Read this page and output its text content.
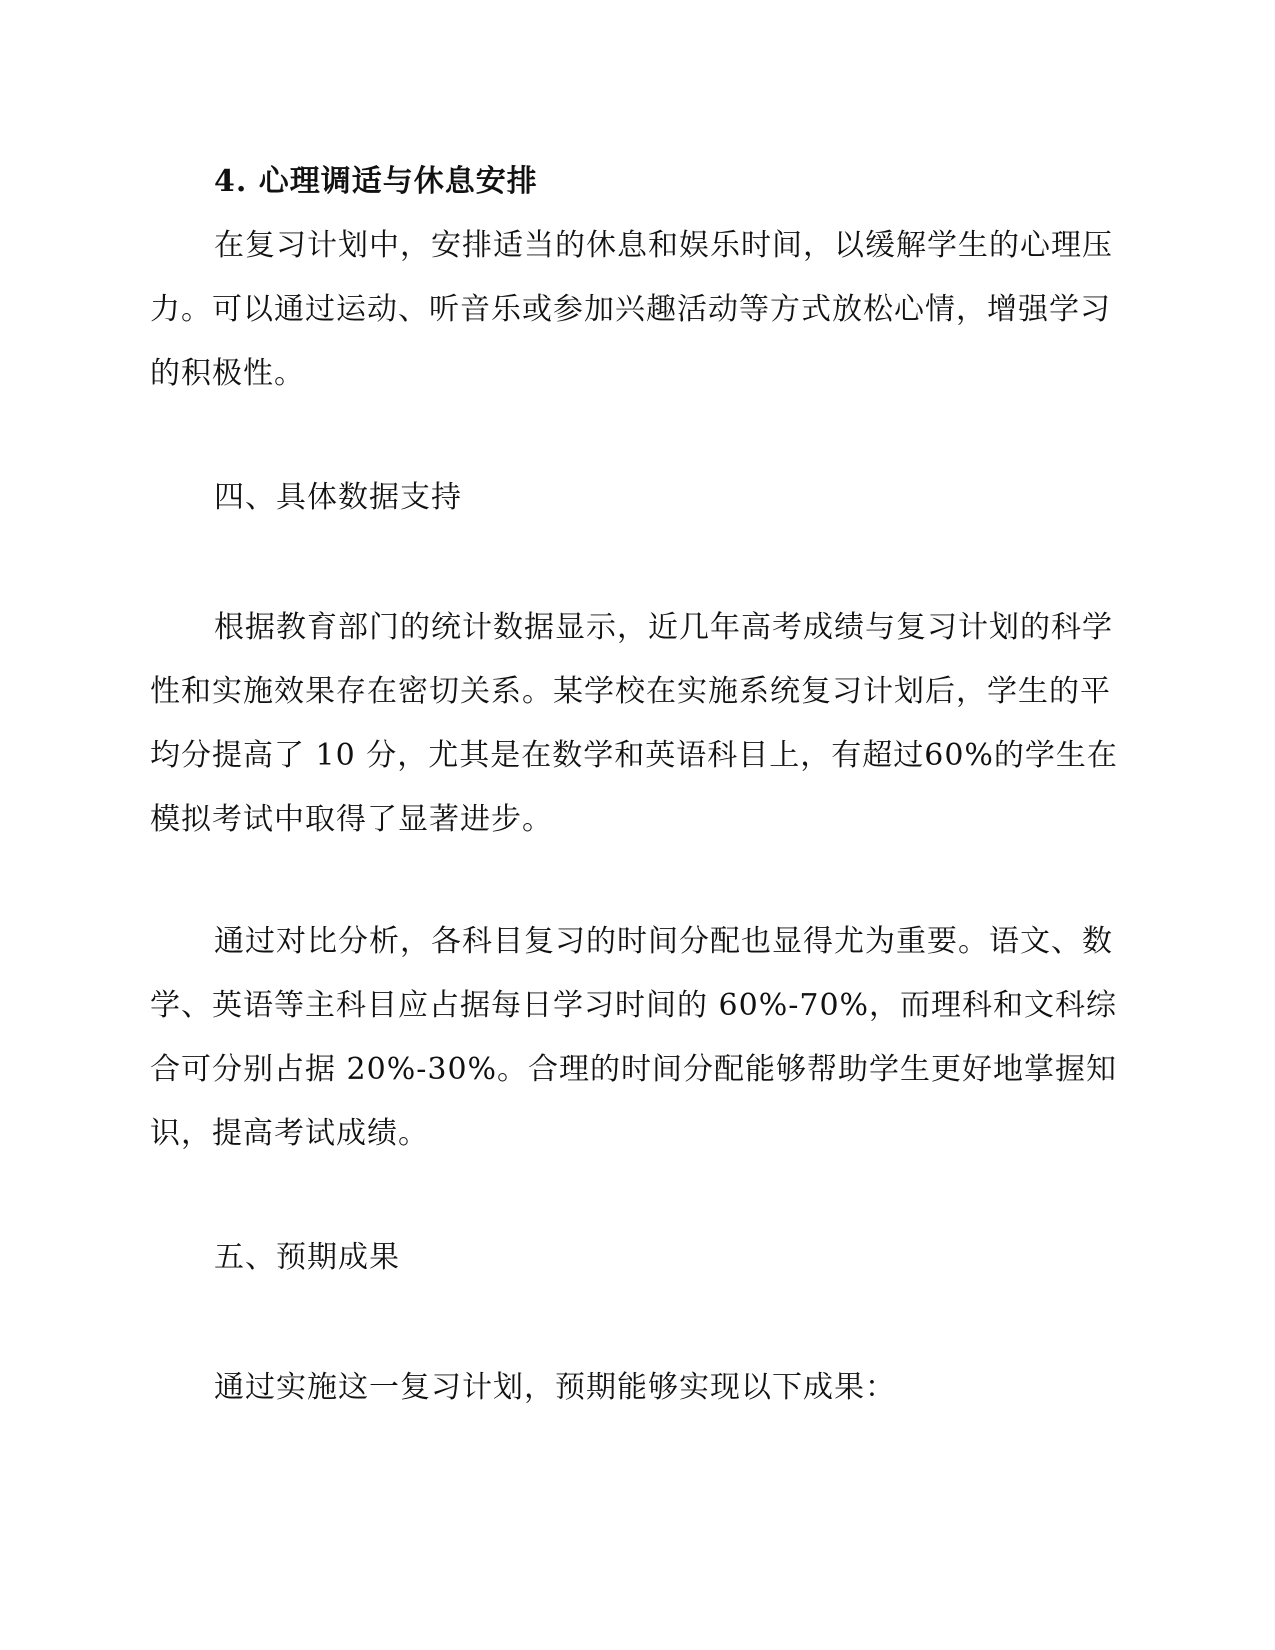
4. 心理调适与休息安排

在复习计划中，安排适当的休息和娱乐时间，以缓解学生的心理压力。可以通过运动、听音乐或参加兴趣活动等方式放松心情，增强学习的积极性。

四、具体数据支持

根据教育部门的统计数据显示，近几年高考成绩与复习计划的科学性和实施效果存在密切关系。某学校在实施系统复习计划后，学生的平均分提高了 10 分，尤其是在数学和英语科目上，有超过60%的学生在模拟考试中取得了显著进步。

通过对比分析，各科目复习的时间分配也显得尤为重要。语文、数学、英语等主科目应占据每日学习时间的 60%-70%，而理科和文科综合可分别占据 20%-30%。合理的时间分配能够帮助学生更好地掌握知识，提高考试成绩。

五、预期成果

通过实施这一复习计划，预期能够实现以下成果：
